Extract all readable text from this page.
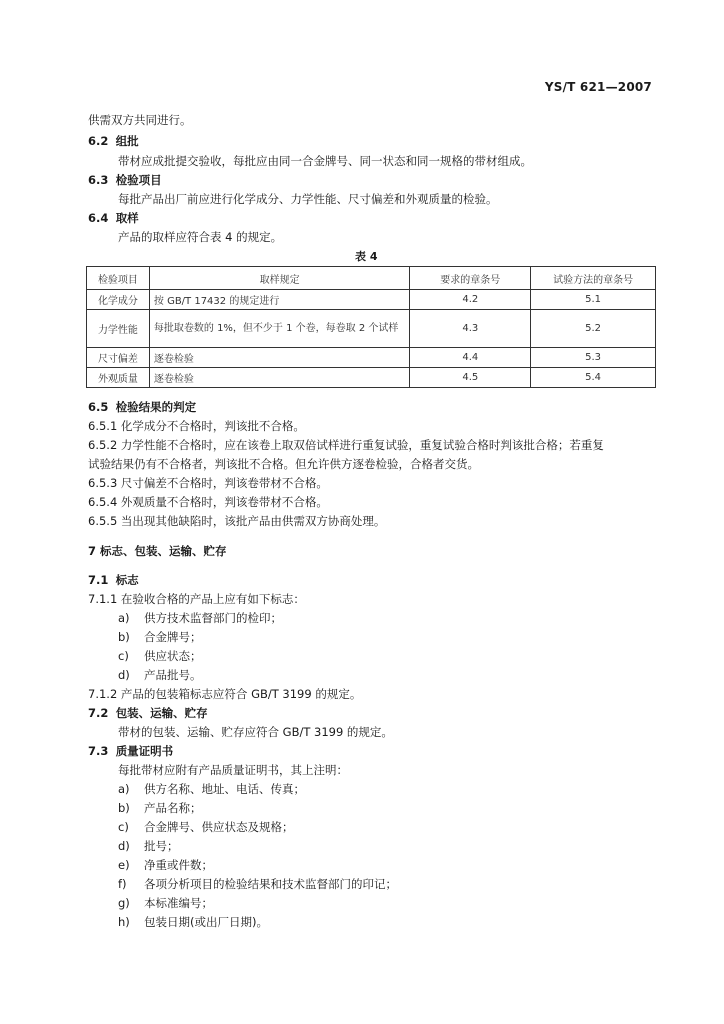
YS/T 621—2007
供需双方共同进行。
6.2 组批
带材应成批提交验收，每批应由同一合金牌号、同一状态和同一规格的带材组成。
6.3 检验项目
每批产品出厂前应进行化学成分、力学性能、尺寸偏差和外观质量的检验。
6.4 取样
产品的取样应符合表 4 的规定。
表 4
检验项目	取样规定	要求的章条号	试验方法的章条号
化学成分	按 GB/T 17432 的规定进行	4.2	5.1
力学性能	每批取卷数的 1%，但不少于 1 个卷，每卷取 2 个试样	4.3	5.2
尺寸偏差	逐卷检验	4.4	5.3
外观质量	逐卷检验	4.5	5.4
6.5 检验结果的判定
6.5.1 化学成分不合格时，判该批不合格。
6.5.2 力学性能不合格时，应在该卷上取双倍试样进行重复试验，重复试验合格时判该批合格；若重复
试验结果仍有不合格者，判该批不合格。但允许供方逐卷检验，合格者交货。
6.5.3 尺寸偏差不合格时，判该卷带材不合格。
6.5.4 外观质量不合格时，判该卷带材不合格。
6.5.5 当出现其他缺陷时，该批产品由供需双方协商处理。
7 标志、包装、运输、贮存
7.1 标志
7.1.1 在验收合格的产品上应有如下标志：
a) 供方技术监督部门的检印；
b) 合金牌号；
c) 供应状态；
d) 产品批号。
7.1.2 产品的包装箱标志应符合 GB/T 3199 的规定。
7.2 包装、运输、贮存
带材的包装、运输、贮存应符合 GB/T 3199 的规定。
7.3 质量证明书
每批带材应附有产品质量证明书，其上注明：
a) 供方名称、地址、电话、传真；
b) 产品名称；
c) 合金牌号、供应状态及规格；
d) 批号；
e) 净重或件数；
f) 各项分析项目的检验结果和技术监督部门的印记；
g) 本标准编号；
h) 包装日期(或出厂日期)。
